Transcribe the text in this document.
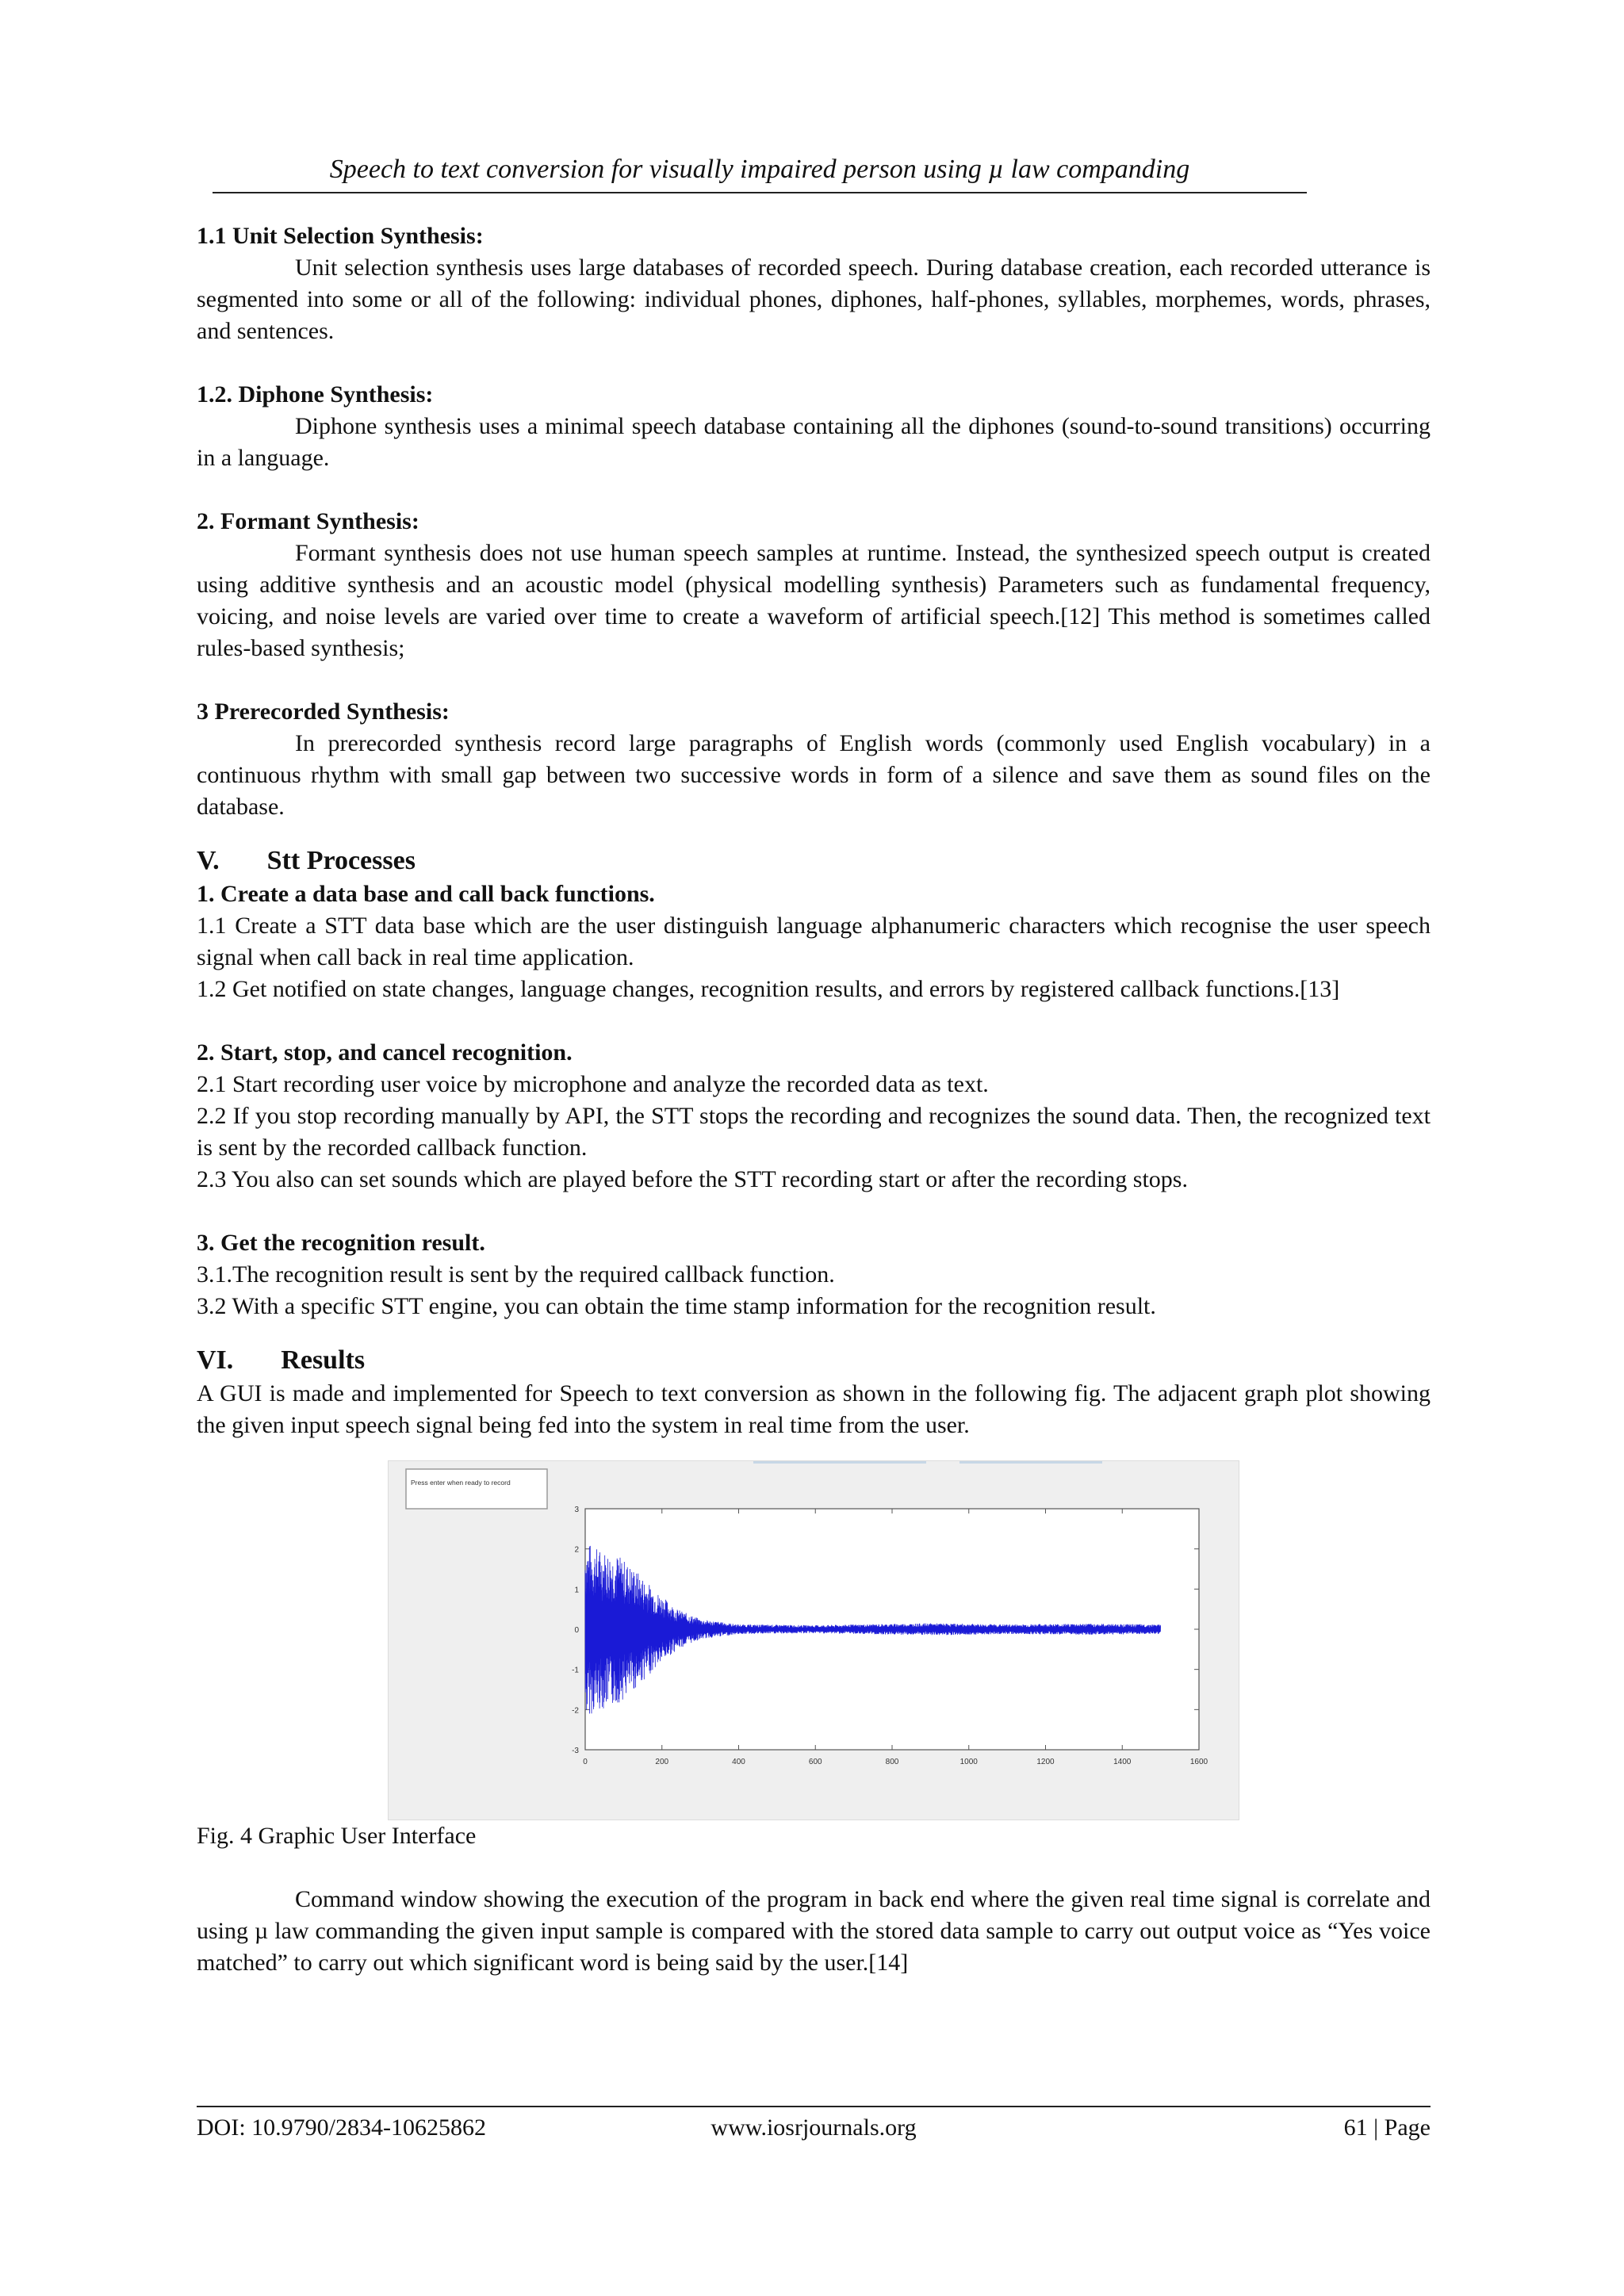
Speech to text conversion for visually impaired person using µ law companding

1.1 Unit Selection Synthesis:

Unit selection synthesis uses large databases of recorded speech. During database creation, each recorded utterance is segmented into some or all of the following: individual phones, diphones, half-phones, syllables, morphemes, words, phrases, and sentences.

1.2. Diphone Synthesis:

Diphone synthesis uses a minimal speech database containing all the diphones (sound-to-sound transitions) occurring in a language.

2. Formant Synthesis:

Formant synthesis does not use human speech samples at runtime. Instead, the synthesized speech output is created using additive synthesis and an acoustic model (physical modelling synthesis) Parameters such as fundamental frequency, voicing, and noise levels are varied over time to create a waveform of artificial speech.[12] This method is sometimes called rules-based synthesis;

3 Prerecorded Synthesis:

In prerecorded synthesis record large paragraphs of English words (commonly used English vocabulary) in a continuous rhythm with small gap between two successive words in form of a silence and save them as sound files on the database.

V. Stt Processes

1. Create a data base and call back functions.

1.1 Create a STT data base which are the user distinguish language alphanumeric characters which recognise the user speech signal when call back in real time application.

1.2 Get notified on state changes, language changes, recognition results, and errors by registered callback functions.[13]

2. Start, stop, and cancel recognition.

2.1 Start recording user voice by microphone and analyze the recorded data as text.

2.2 If you stop recording manually by API, the STT stops the recording and recognizes the sound data. Then, the recognized text is sent by the recorded callback function.

2.3 You also can set sounds which are played before the STT recording start or after the recording stops.

3. Get the recognition result.

3.1.The recognition result is sent by the required callback function.

3.2 With a specific STT engine, you can obtain the time stamp information for the recognition result.

VI. Results

A GUI is made and implemented for Speech to text conversion as shown in the following fig. The adjacent graph plot showing the given input speech signal being fed into the system in real time from the user.

Press enter when ready to record
0	200	400	600	800	1000	1200	1400	1600
3
2
1
0
-1
-2
-3

Fig. 4 Graphic User Interface

Command window showing the execution of the program in back end where the given real time signal is correlate and using µ law commanding the given input sample is compared with the stored data sample to carry out output voice as “Yes voice matched” to carry out which significant word is being said by the user.[14]

DOI: 10.9790/2834-10625862	www.iosrjournals.org	61 | Page
